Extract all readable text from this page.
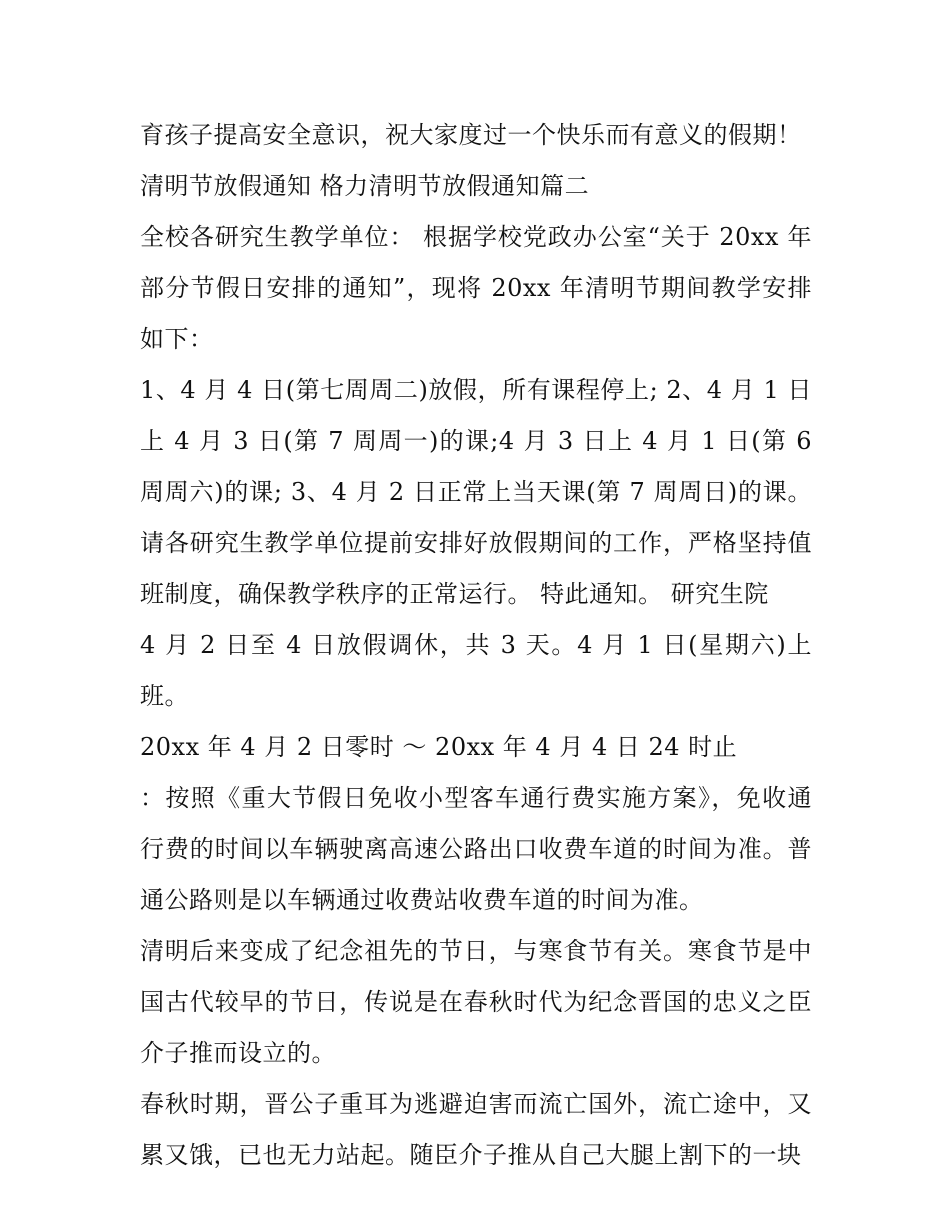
育孩子提高安全意识，祝大家度过一个快乐而有意义的假期！

清明节放假通知 格力清明节放假通知篇二

全校各研究生教学单位： 根据学校党政办公室“关于 20xx 年部分节假日安排的通知”，现将 20xx 年清明节期间教学安排如下：

1、4 月 4 日(第七周周二)放假，所有课程停上; 2、4 月 1 日上 4 月 3 日(第 7 周周一)的课;4 月 3 日上 4 月 1 日(第 6 周周六)的课; 3、4 月 2 日正常上当天课(第 7 周周日)的课。 请各研究生教学单位提前安排好放假期间的工作，严格坚持值班制度，确保教学秩序的正常运行。 特此通知。 研究生院

4 月 2 日至 4 日放假调休，共 3 天。4 月 1 日(星期六)上班。

20xx 年 4 月 2 日零时 ～ 20xx 年 4 月 4 日 24 时止

：按照《重大节假日免收小型客车通行费实施方案》，免收通行费的时间以车辆驶离高速公路出口收费车道的时间为准。普通公路则是以车辆通过收费站收费车道的时间为准。

清明后来变成了纪念祖先的节日，与寒食节有关。寒食节是中国古代较早的节日，传说是在春秋时代为纪念晋国的忠义之臣介子推而设立的。

春秋时期，晋公子重耳为逃避迫害而流亡国外，流亡途中，又累又饿，已也无力站起。随臣介子推从自己大腿上割下的一块
